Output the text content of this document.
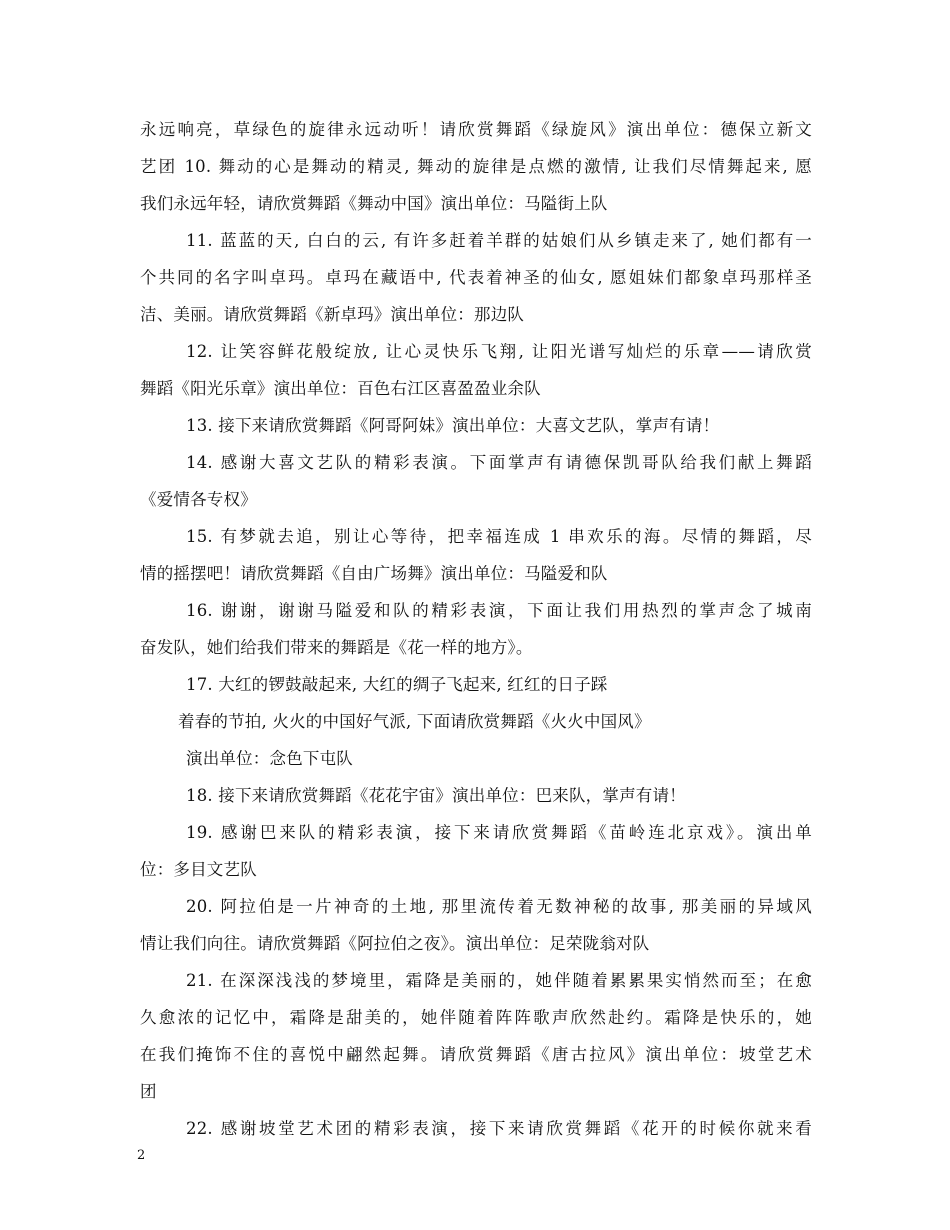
永远响亮，草绿色的旋律永远动听！请欣赏舞蹈《绿旋风》演出单位：德保立新文
艺团 10. 舞动的心是舞动的精灵, 舞动的旋律是点燃的激情, 让我们尽情舞起来, 愿
我们永远年轻，请欣赏舞蹈《舞动中国》演出单位：马隘街上队
11. 蓝蓝的天, 白白的云, 有许多赶着羊群的姑娘们从乡镇走来了, 她们都有一
个共同的名字叫卓玛。卓玛在藏语中, 代表着神圣的仙女, 愿姐妹们都象卓玛那样圣
洁、美丽。请欣赏舞蹈《新卓玛》演出单位：那边队
12. 让笑容鲜花般绽放, 让心灵快乐飞翔, 让阳光谱写灿烂的乐章——请欣赏
舞蹈《阳光乐章》演出单位：百色右江区喜盈盈业余队
13. 接下来请欣赏舞蹈《阿哥阿妹》演出单位：大喜文艺队，掌声有请！
14. 感谢大喜文艺队的精彩表演。下面掌声有请德保凯哥队给我们献上舞蹈
《爱情各专权》
15. 有梦就去追，别让心等待，把幸福连成 1 串欢乐的海。尽情的舞蹈，尽
情的摇摆吧！请欣赏舞蹈《自由广场舞》演出单位：马隘爱和队
16. 谢谢，谢谢马隘爱和队的精彩表演，下面让我们用热烈的掌声念了城南
奋发队，她们给我们带来的舞蹈是《花一样的地方》。
17. 大红的锣鼓敲起来, 大红的绸子飞起来, 红红的日子踩
着春的节拍, 火火的中国好气派, 下面请欣赏舞蹈《火火中国风》
演出单位：念色下屯队
18. 接下来请欣赏舞蹈《花花宇宙》演出单位：巴来队，掌声有请！
19. 感谢巴来队的精彩表演，接下来请欣赏舞蹈《苗岭连北京戏》。演出单
位：多目文艺队
20. 阿拉伯是一片神奇的土地, 那里流传着无数神秘的故事, 那美丽的异域风
情让我们向往。请欣赏舞蹈《阿拉伯之夜》。演出单位：足荣陇翁对队
21. 在深深浅浅的梦境里，霜降是美丽的，她伴随着累累果实悄然而至；在愈
久愈浓的记忆中，霜降是甜美的，她伴随着阵阵歌声欣然赴约。霜降是快乐的，她
在我们掩饰不住的喜悦中翩然起舞。请欣赏舞蹈《唐古拉风》演出单位：坡堂艺术
团
22. 感谢坡堂艺术团的精彩表演，接下来请欣赏舞蹈《花开的时候你就来看
2
